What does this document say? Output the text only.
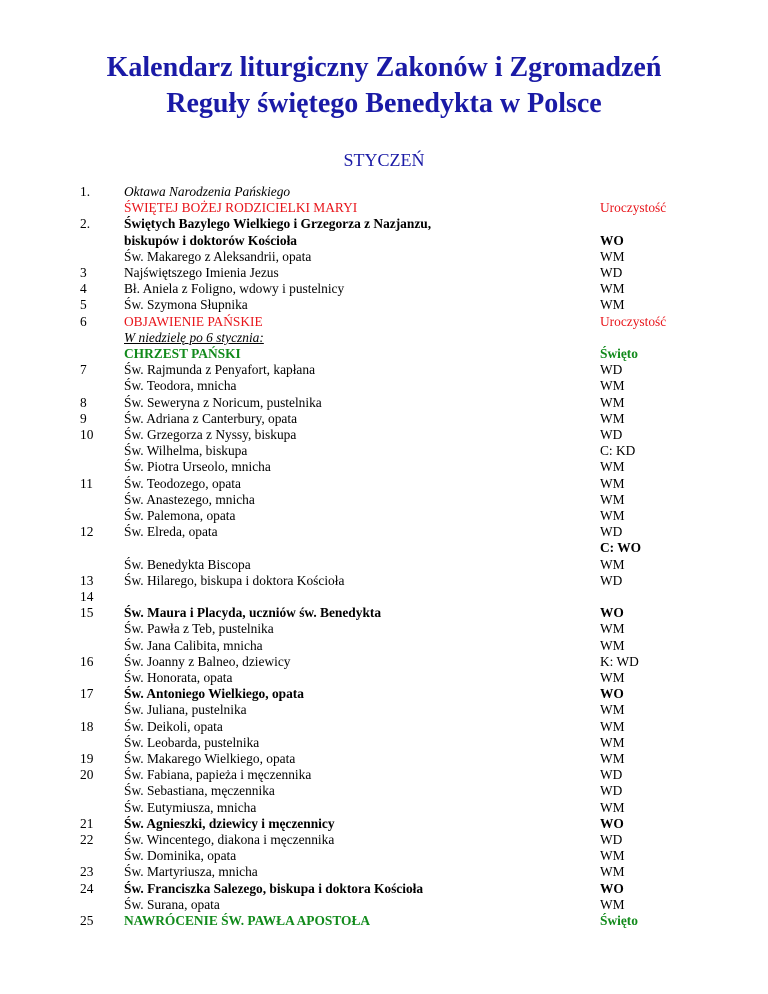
Kalendarz liturgiczny Zakonów i Zgromadzeń
Reguły świętego Benedykta w Polsce
STYCZEŃ
1.	Oktawa Narodzenia Pańskiego
ŚWIĘTEJ BOŻEJ RODZICIELKI MARYI	Uroczystość
2.	Świętych Bazylego Wielkiego i Grzegorza z Nazjanzu,
biskupów i doktorów Kościoła	WO
Św. Makarego z Aleksandrii, opata	WM
3	Najświętszego Imienia Jezus	WD
4	Bł. Aniela z Foligno, wdowy i pustelnicy	WM
5	Św. Szymona Słupnika	WM
6	OBJAWIENIE PAŃSKIE	Uroczystość
W niedzielę po 6 stycznia:
CHRZEST PAŃSKI	Święto
7	Św. Rajmunda z Penyafort, kapłana	WD
Św. Teodora, mnicha	WM
8	Św. Seweryna z Noricum, pustelnika	WM
9	Św. Adriana z Canterbury, opata	WM
10 Św. Grzegorza z Nyssy, biskupa	WD
Św. Wilhelma, biskupa	C: KD
Św. Piotra Urseolo, mnicha	WM
11 Św. Teodozego, opata	WM
Św. Anastezego, mnicha	WM
Św. Palemona, opata	WM
12 Św. Elreda, opata	WD
C: WO
Św. Benedykta Biscopa	WM
13 Św. Hilarego, biskupa i doktora Kościoła	WD
14
15 Św. Maura i Placyda, uczniów św. Benedykta	WO
Św. Pawła z Teb, pustelnika	WM
Św. Jana Calibita, mnicha	WM
16 Św. Joanny z Balneo, dziewicy	K: WD
Św. Honorata, opata	WM
17 Św. Antoniego Wielkiego, opata	WO
Św. Juliana, pustelnika	WM
18 Św. Deikoli, opata	WM
Św. Leobarda, pustelnika	WM
19 Św. Makarego Wielkiego, opata	WM
20 Św. Fabiana, papieża i męczennika	WD
Św. Sebastiana, męczennika	WD
Św. Eutymiusza, mnicha	WM
21 Św. Agnieszki, dziewicy i męczennicy	WO
22 Św. Wincentego, diakona i męczennika	WD
Św. Dominika, opata	WM
23 Św. Martyriusza, mnicha	WM
24 Św. Franciszka Salezego, biskupa i doktora Kościoła	WO
Św. Surana, opata	WM
25 NAWRÓCENIE ŚW. PAWŁA APOSTOŁA	Święto
